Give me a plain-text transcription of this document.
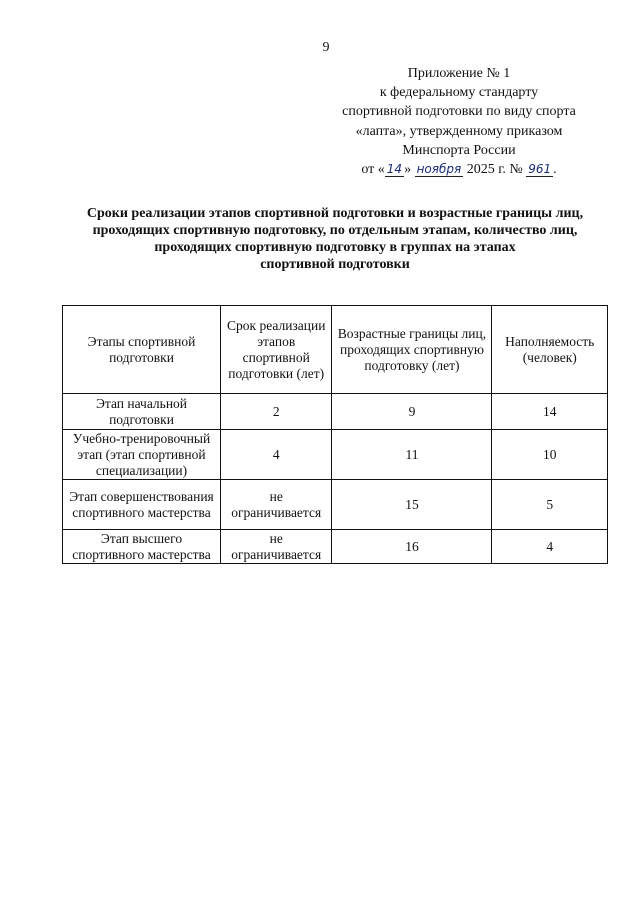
9
Приложение № 1
к федеральному стандарту
спортивной подготовки по виду спорта
«лапта», утвержденному приказом
Минспорта России
от « 14 » ноября 2025 г. № 961 .
Сроки реализации этапов спортивной подготовки и возрастные границы лиц,
проходящих спортивную подготовку, по отдельным этапам, количество лиц,
проходящих спортивную подготовку в группах на этапах
спортивной подготовки
Этапы спортивной подготовки	Срок реализации этапов спортивной подготовки (лет)	Возрастные границы лиц, проходящих спортивную подготовку (лет)	Наполняемость (человек)
Этап начальной подготовки	2	9	14
Учебно-тренировочный этап (этап спортивной специализации)	4	11	10
Этап совершенствования спортивного мастерства	не ограничивается	15	5
Этап высшего спортивного мастерства	не ограничивается	16	4
